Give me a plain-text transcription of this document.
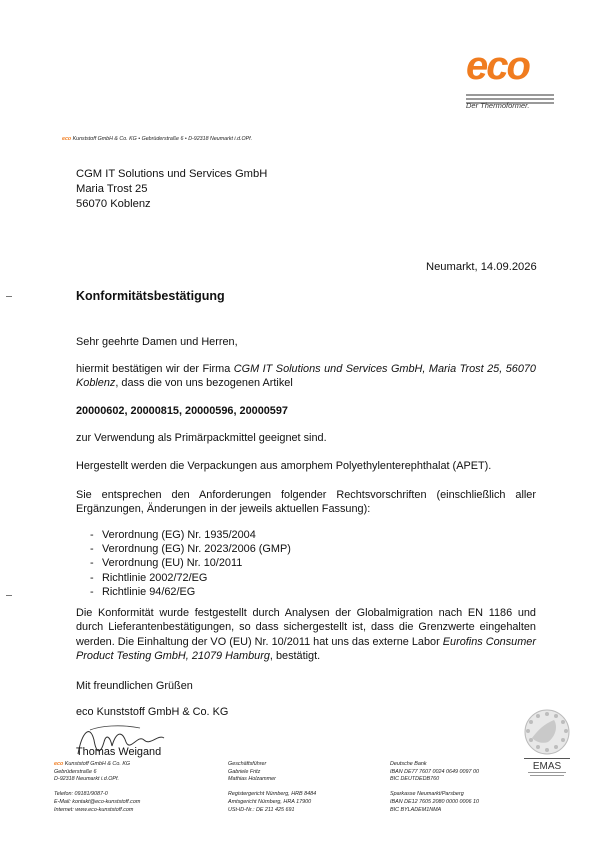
eco
Der Thermoformer.
eco Kunststoff GmbH & Co. KG • Gebrüderstraße 6 • D-92318 Neumarkt i.d.OPf.
CGM IT Solutions und Services GmbH
Maria Trost 25
56070 Koblenz
Neumarkt, 14.09.2026
Konformitätsbestätigung
Sehr geehrte Damen und Herren,
hiermit bestätigen wir der Firma CGM IT Solutions und Services GmbH, Maria Trost 25, 56070 Koblenz, dass die von uns bezogenen Artikel
20000602, 20000815, 20000596, 20000597
zur Verwendung als Primärpackmittel geeignet sind.
Hergestellt werden die Verpackungen aus amorphem Polyethylenterephthalat (APET).
Sie entsprechen den Anforderungen folgender Rechtsvorschriften (einschließlich aller Ergänzungen, Änderungen in der jeweils aktuellen Fassung):
- Verordnung (EG) Nr. 1935/2004
- Verordnung (EG) Nr. 2023/2006 (GMP)
- Verordnung (EU) Nr. 10/2011
- Richtlinie 2002/72/EG
- Richtlinie 94/62/EG
Die Konformität wurde festgestellt durch Analysen der Globalmigration nach EN 1186 und durch Lieferantenbestätigungen, so dass sichergestellt ist, dass die Grenzwerte eingehalten werden. Die Einhaltung der VO (EU) Nr. 10/2011 hat uns das externe Labor Eurofins Consumer Product Testing GmbH, 21079 Hamburg, bestätigt.
Mit freundlichen Grüßen
eco Kunststoff GmbH & Co. KG
Thomas Weigand
EMAS
eco Kunststoff GmbH & Co. KG
Gebrüderstraße 6
D-92318 Neumarkt i.d.OPf.
Telefon: 09181/9087-0
E-Mail: kontakt@eco-kunststoff.com
Internet: www.eco-kunststoff.com
Geschäftsführer
Gabriele Fritz
Mathias Holzammer
Registergericht Nürnberg, HRB 8484
Amtsgericht Nürnberg, HRA 17900
USt-ID-Nr.: DE 211 425 691
Deutsche Bank
IBAN DE77 7607 0024 0649 0097 00
BIC DEUTDEDB760
Sparkasse Neumarkt/Parsberg
IBAN DE12 7605 2080 0000 0006 10
BIC BYLADEM1NMA
